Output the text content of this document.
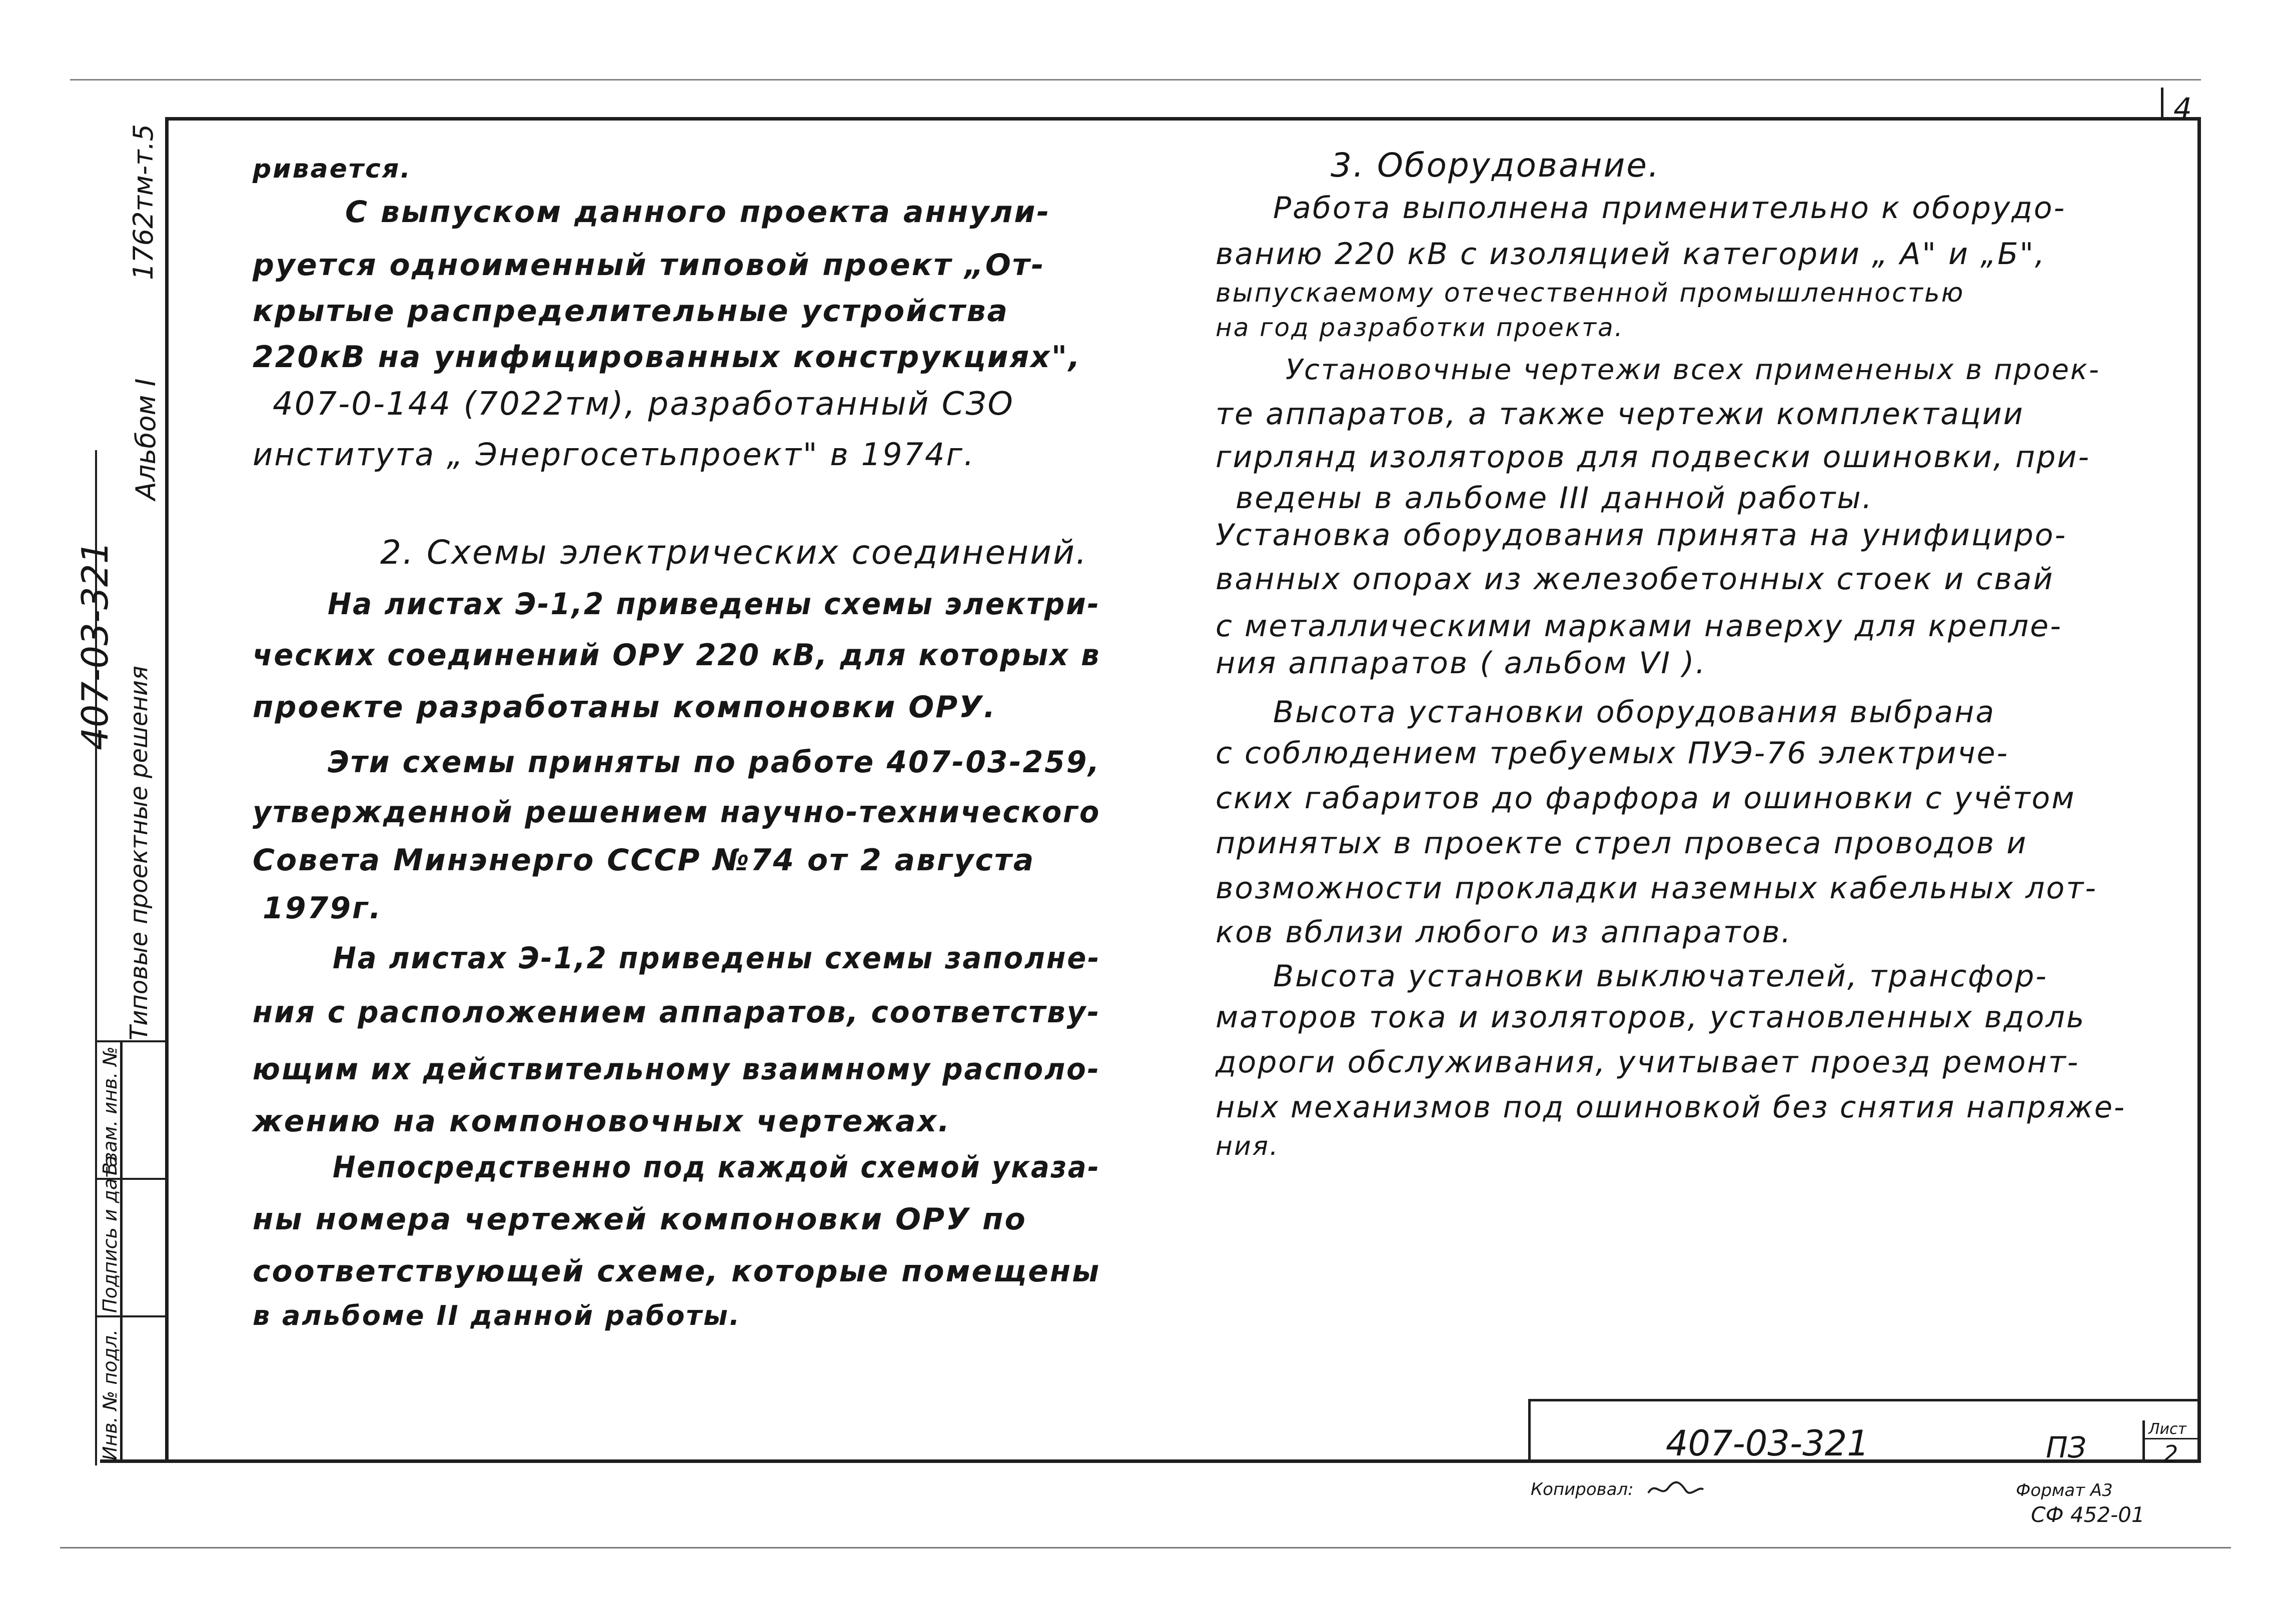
4
407-03-321
Альбом I
1762тм-т.5
Типовые проектные решения
Инв. № подл.
Подпись и дата
Взам. инв. №
ривается.
С выпуском данного проекта аннули-
руется одноименный типовой проект „От-
крытые распределительные устройства
220кВ на унифицированных конструкциях",
407-0-144 (7022тм), разработанный СЗО
института „ Энергосетьпроект" в 1974г.
2. Схемы электрических соединений.
На листах Э-1,2 приведены схемы электри-
ческих соединений ОРУ 220 кВ, для которых в
проекте разработаны компоновки ОРУ.
Эти схемы приняты по работе 407-03-259,
утвержденной решением научно-технического
Совета Минэнерго СССР №74 от 2 августа
1979г.
На листах Э-1,2 приведены схемы заполне-
ния с расположением аппаратов, соответству-
ющим их действительному взаимному располо-
жению на компоновочных чертежах.
Непосредственно под каждой схемой указа-
ны номера чертежей компоновки ОРУ по
соответствующей схеме, которые помещены
в альбоме II данной работы.
3. Оборудование.
Работа выполнена применительно к оборудо-
ванию 220 кВ с изоляцией категории „ А" и „Б",
выпускаемому отечественной промышленностью
на год разработки проекта.
Установочные чертежи всех примененых в проек-
те аппаратов, а также чертежи комплектации
гирлянд изоляторов для подвески ошиновки, при-
ведены в альбоме III данной работы.
Установка оборудования принята на унифициро-
ванных опорах из железобетонных стоек и свай
с металлическими марками наверху для крепле-
ния аппаратов ( альбом VI ).
Высота установки оборудования выбрана
с соблюдением требуемых ПУЭ-76 электриче-
ских габаритов до фарфора и ошиновки с учётом
принятых в проекте стрел провеса проводов и
возможности прокладки наземных кабельных лот-
ков вблизи любого из аппаратов.
Высота установки выключателей, трансфор-
маторов тока и изоляторов, установленных вдоль
дороги обслуживания, учитывает проезд ремонт-
ных механизмов под ошиновкой без снятия напряже-
ния.
407-03-321	ПЗ
Лист
2
Копировал:	Формат А3
СФ 452-01
